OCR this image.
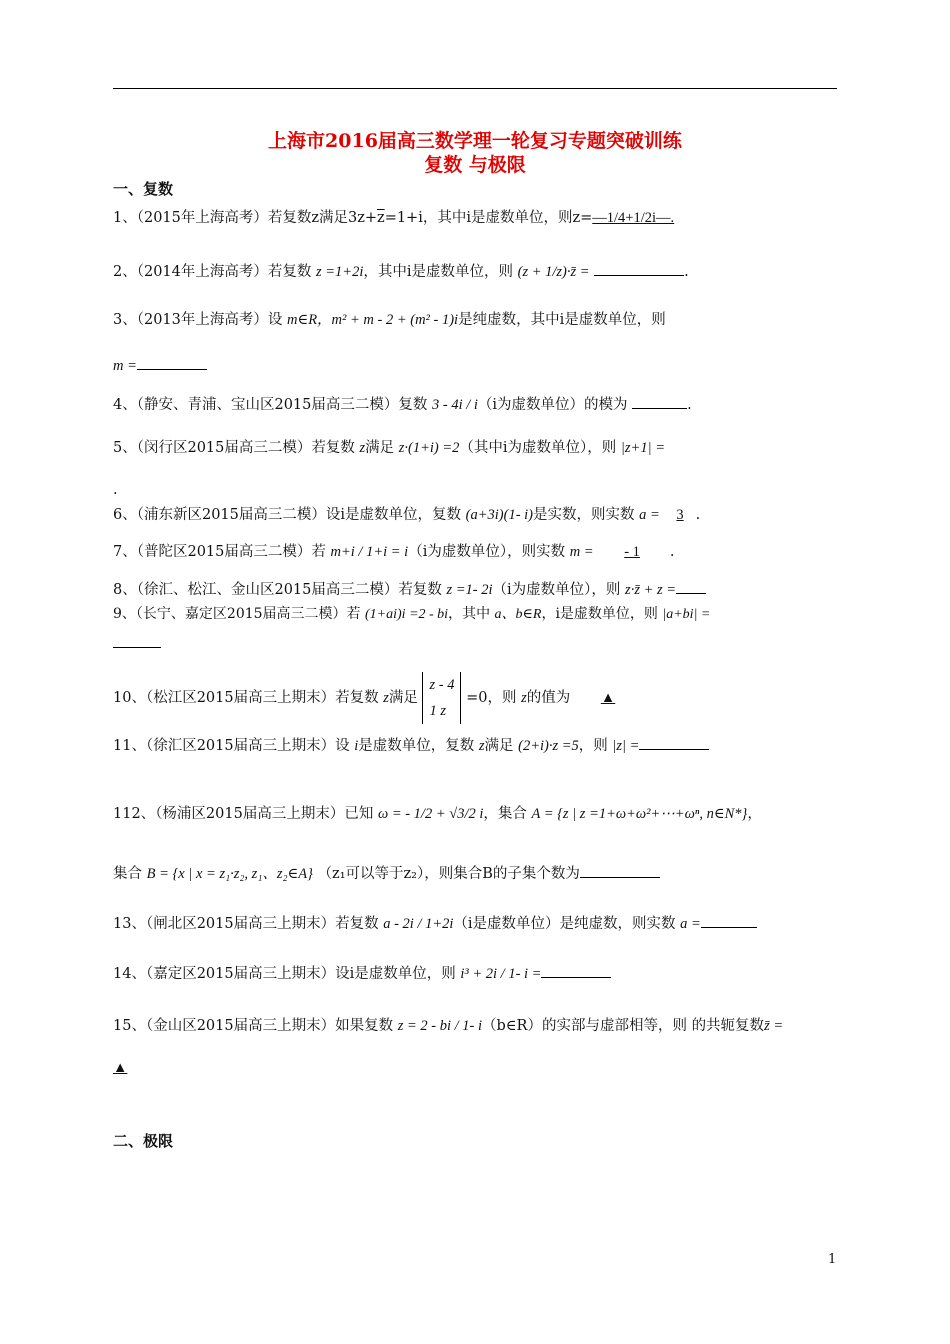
上海市2016届高三数学理一轮复习专题突破训练
复数 与极限
一、复数
1、（2015年上海高考）若复数z满足$3z+\overline{z}=1+i$，其中i是虚数单位，则z=—1/4+1/2i—.
2、（2014年上海高考）若复数 z =1+2i，其中i是虚数单位，则 (z + 1/z)·z̄ =	.
3、（2013年上海高考）设 m∈R，m² + m - 2 + (m² - 1)i是纯虚数，其中i是虚数单位，则
m =
4、（静安、青浦、宝山区2015届高三二模）复数 3 - 4i / i（i为虚数单位）的模为	.
5、（闵行区2015届高三二模）若复数 z满足 z·(1+i) =2（其中i为虚数单位），则 |z+1| =
.
6、（浦东新区2015届高三二模）设i是虚数单位，复数 (a+3i)(1- i)是实数，则实数 a = 3 .
7、（普陀区2015届高三二模）若 m+i / 1+i = i（i为虚数单位），则实数 m = - 1 .
8、（徐汇、松江、金山区2015届高三二模）若复数 z =1- 2i（i为虚数单位），则 z·z̄ + z =
9、（长宁、嘉定区2015届高三二模）若 (1+ai)i =2 - bi，其中 a、b∈R，i是虚数单位，则 |a+bi| =
10、（松江区2015届高三上期末）若复数 z满足
z - 4
1 z
=0，则 z的值为 ▲
11、（徐汇区2015届高三上期末）设 i是虚数单位，复数 z满足 (2+i)·z =5，则 |z| =
112、（杨浦区2015届高三上期末）已知 ω = - 1/2 + √3/2 i，集合 A = {z | z =1+ω+ω²+⋯+ωⁿ, n∈N*}，
集合 B = {x | x = z₁·z₂, z₁、z₂∈A} （z₁可以等于z₂），则集合B的子集个数为
13、（闸北区2015届高三上期末）若复数 a - 2i / 1+2i（i是虚数单位）是纯虚数，则实数 a =
14、（嘉定区2015届高三上期末）设i是虚数单位，则 i³ + 2i / 1- i =
15、（金山区2015届高三上期末）如果复数 z = 2 - bi / 1- i（b∈R）的实部与虚部相等，则 的共轭复数z̄ =
▲
二、极限
1
